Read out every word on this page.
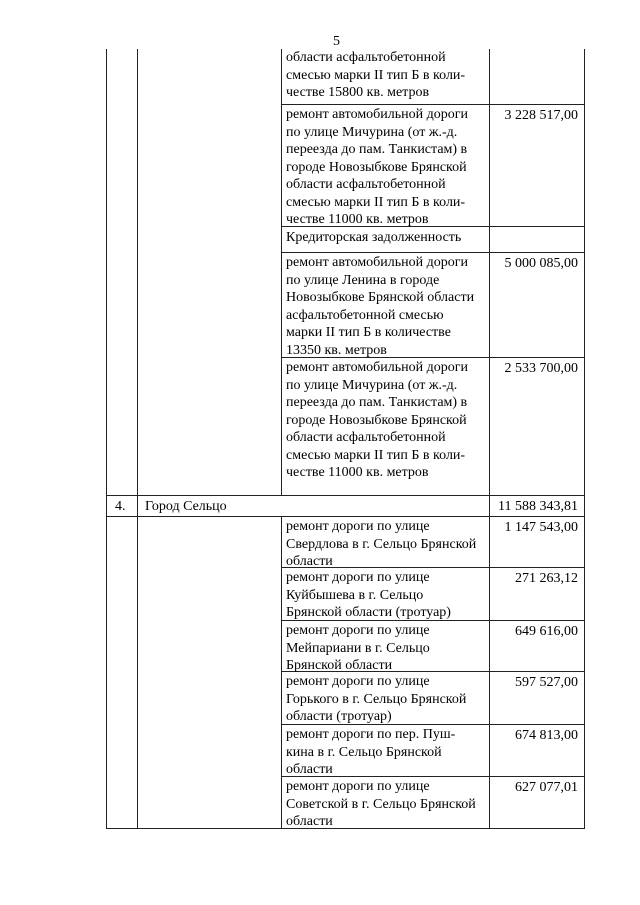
5
области асфальтобетонной
смесью марки II тип Б в коли-
честве 15800 кв. метров
ремонт автомобильной дороги
по улице Мичурина (от ж.-д.
переезда до пам. Танкистам) в
городе Новозыбкове Брянской
области асфальтобетонной
смесью марки II тип Б в коли-
честве 11000 кв. метров
3 228 517,00
Кредиторская задолженность
ремонт автомобильной дороги
по улице Ленина в городе
Новозыбкове Брянской области
асфальтобетонной смесью
марки II тип Б в количестве
13350 кв. метров
5 000 085,00
ремонт автомобильной дороги
по улице Мичурина (от ж.-д.
переезда до пам. Танкистам) в
городе Новозыбкове Брянской
области асфальтобетонной
смесью марки II тип Б в коли-
честве 11000 кв. метров
2 533 700,00
4. Город Сельцо	11 588 343,81
ремонт дороги по улице
Свердлова в г. Сельцо Брянской
области
1 147 543,00
ремонт дороги по улице
Куйбышева в г. Сельцо
Брянской области (тротуар)
271 263,12
ремонт дороги по улице
Мейпариани в г. Сельцо
Брянской области
649 616,00
ремонт дороги по улице
Горького в г. Сельцо Брянской
области (тротуар)
597 527,00
ремонт дороги по пер. Пуш-
кина в г. Сельцо Брянской
области
674 813,00
ремонт дороги по улице
Советской в г. Сельцо Брянской
области
627 077,01
